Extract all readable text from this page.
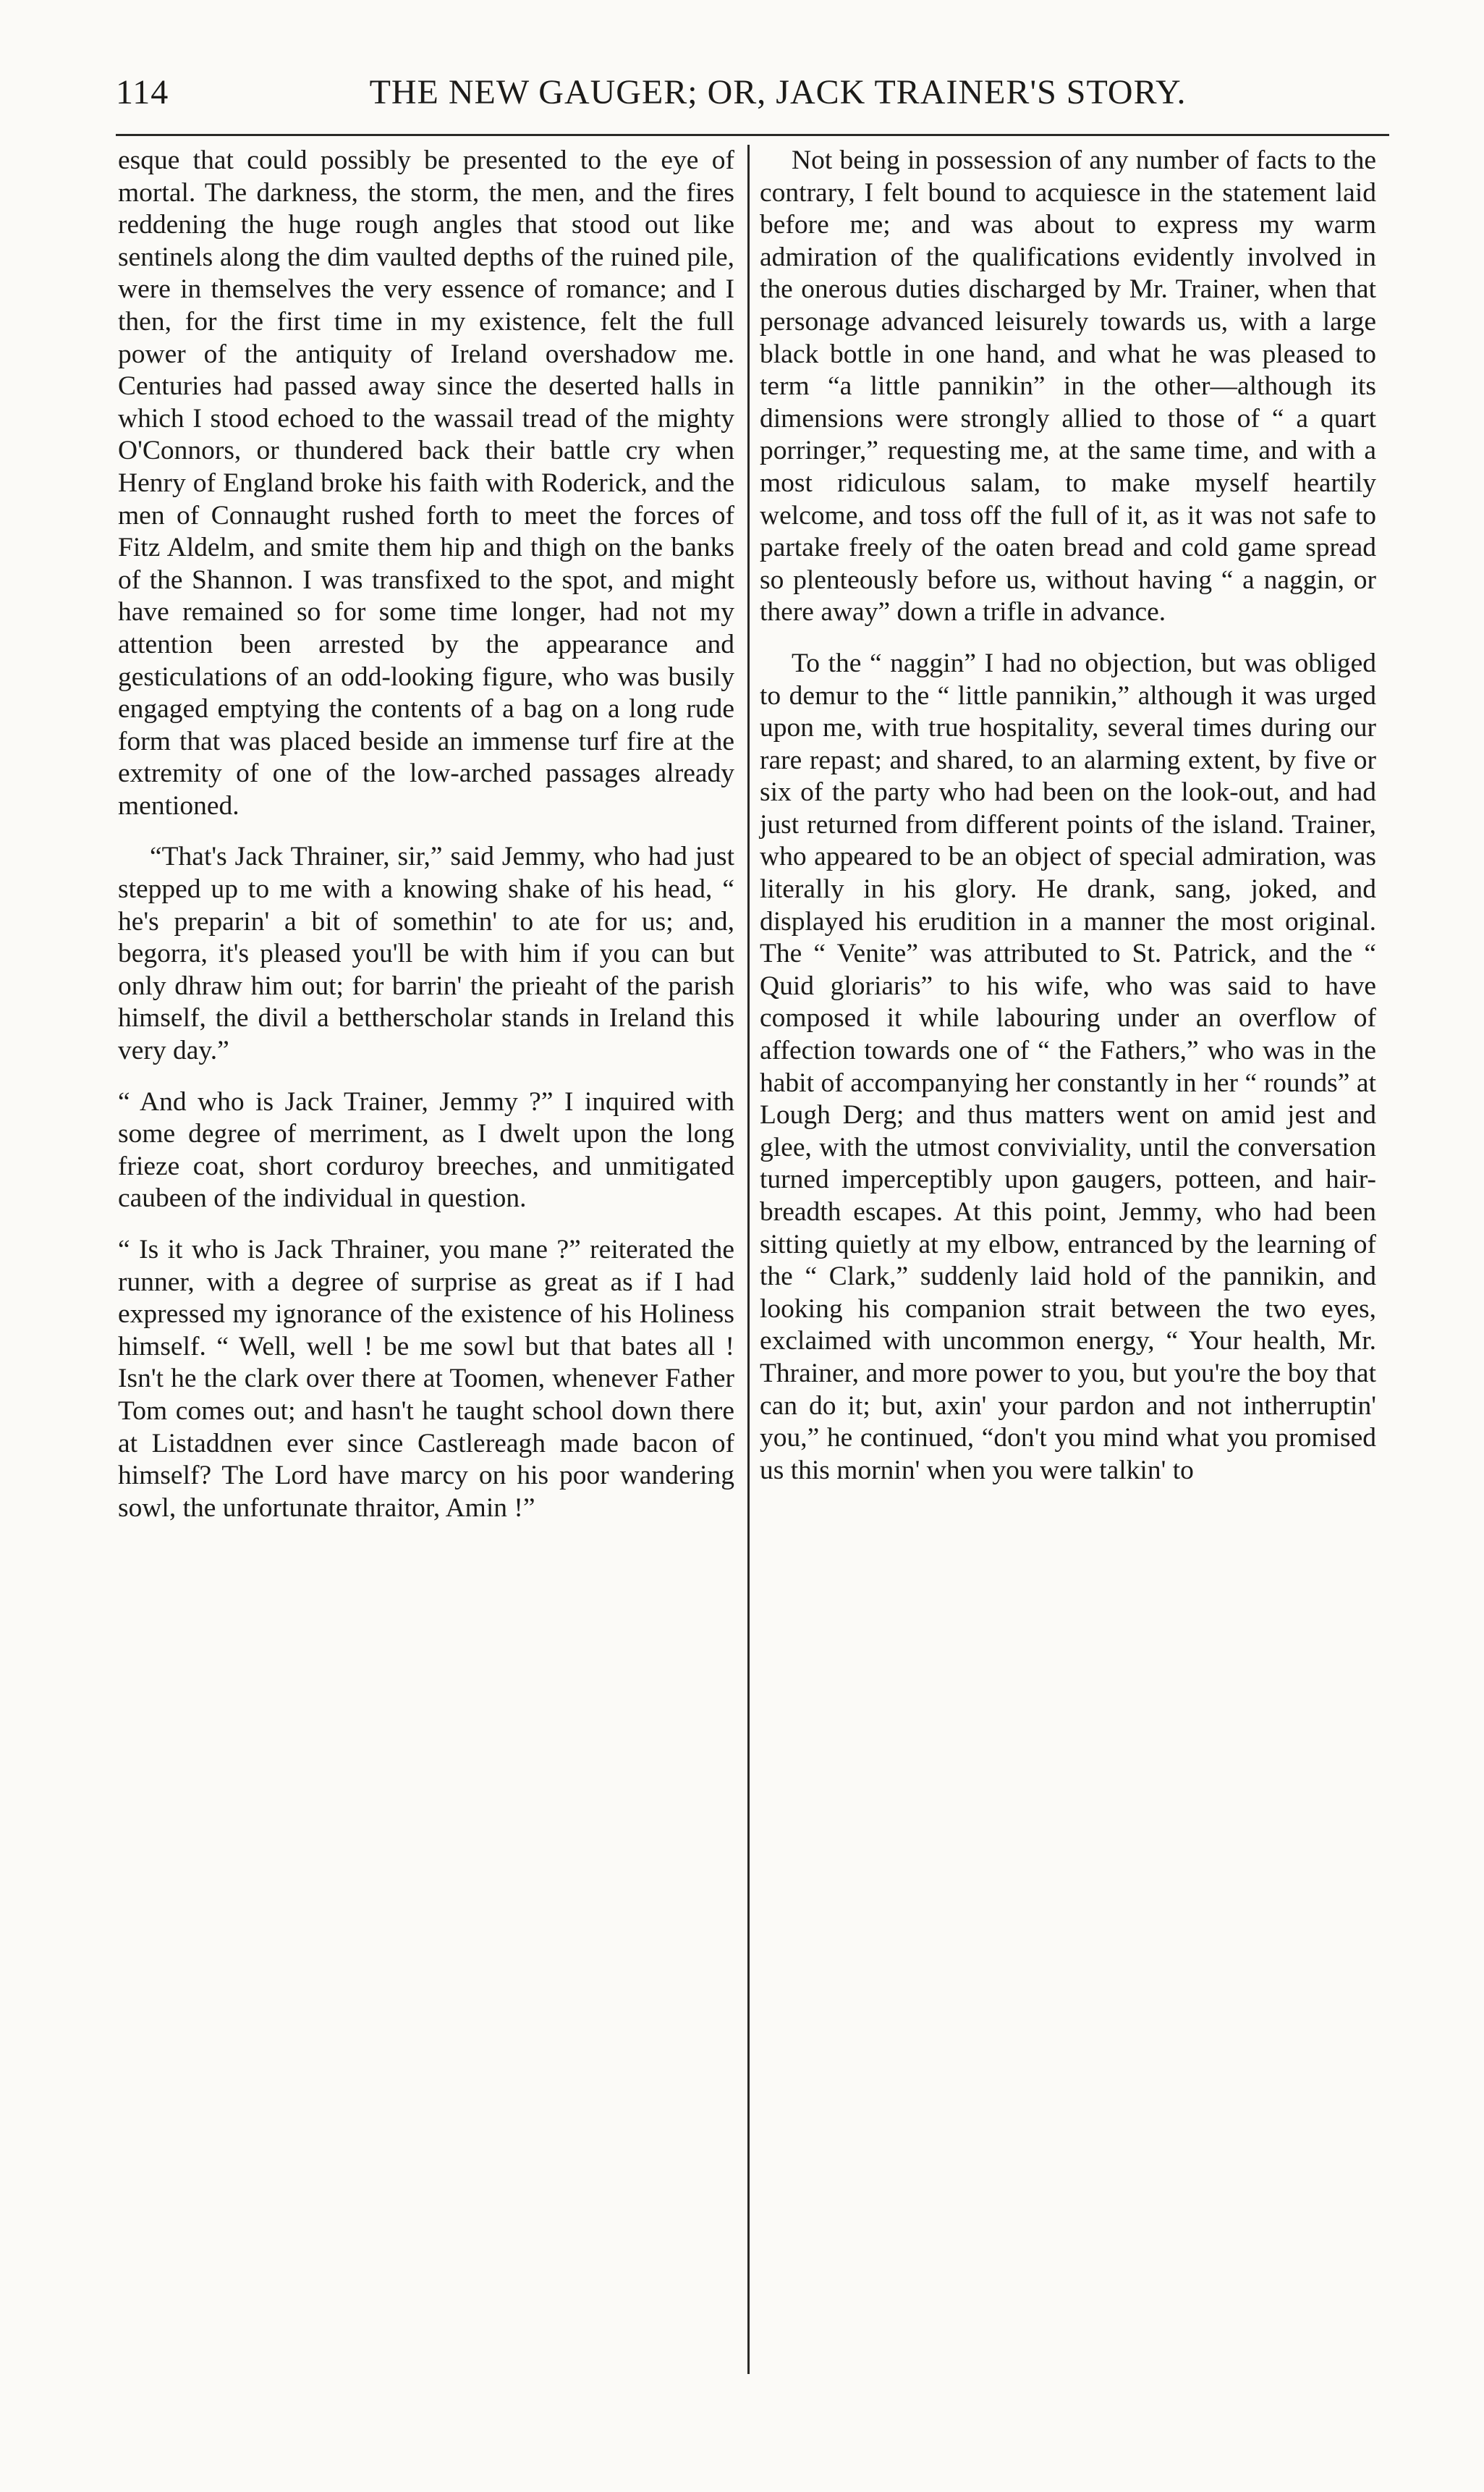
114	THE NEW GAUGER; OR, JACK TRAINER'S STORY.

esque that could possibly be presented to the eye of mortal. The darkness, the storm, the men, and the fires reddening the huge rough angles that stood out like sentinels along the dim vaulted depths of the ruined pile, were in themselves the very essence of romance; and I then, for the first time in my existence, felt the full power of the antiquity of Ireland overshadow me. Centuries had passed away since the deserted halls in which I stood echoed to the wassail tread of the mighty O'Connors, or thundered back their battle cry when Henry of England broke his faith with Roderick, and the men of Connaught rushed forth to meet the forces of Fitz Aldelm, and smite them hip and thigh on the banks of the Shannon. I was transfixed to the spot, and might have remained so for some time longer, had not my attention been arrested by the appearance and gesticulations of an odd-looking figure, who was busily engaged emptying the contents of a bag on a long rude form that was placed beside an immense turf fire at the extremity of one of the low-arched passages already mentioned.

“That's Jack Thrainer, sir,” said Jemmy, who had just stepped up to me with a knowing shake of his head, “ he's preparin' a bit of somethin' to ate for us; and, begorra, it's pleased you'll be with him if you can but only dhraw him out; for barrin' the prieaht of the parish himself, the divil a bettherscholar stands in Ireland this very day.”

“ And who is Jack Trainer, Jemmy ?” I inquired with some degree of merriment, as I dwelt upon the long frieze coat, short corduroy breeches, and unmitigated caubeen of the individual in question.

“ Is it who is Jack Thrainer, you mane ?” reiterated the runner, with a degree of surprise as great as if I had expressed my ignorance of the existence of his Holiness himself. “ Well, well ! be me sowl but that bates all ! Isn't he the clark over there at Toomen, whenever Father Tom comes out; and hasn't he taught school down there at Listaddnen ever since Castlereagh made bacon of himself? The Lord have marcy on his poor wandering sowl, the unfortunate thraitor, Amin !”

Not being in possession of any number of facts to the contrary, I felt bound to acquiesce in the statement laid before me; and was about to express my warm admiration of the qualifications evidently involved in the onerous duties discharged by Mr. Trainer, when that personage advanced leisurely towards us, with a large black bottle in one hand, and what he was pleased to term “a little pannikin” in the other—although its dimensions were strongly allied to those of “ a quart porringer,” requesting me, at the same time, and with a most ridiculous salam, to make myself heartily welcome, and toss off the full of it, as it was not safe to partake freely of the oaten bread and cold game spread so plenteously before us, without having “ a naggin, or there away” down a trifle in advance.

To the “ naggin” I had no objection, but was obliged to demur to the “ little pannikin,” although it was urged upon me, with true hospitality, several times during our rare repast; and shared, to an alarming extent, by five or six of the party who had been on the look-out, and had just returned from different points of the island. Trainer, who appeared to be an object of special admiration, was literally in his glory. He drank, sang, joked, and displayed his erudition in a manner the most original. The “ Venite” was attributed to St. Patrick, and the “ Quid gloriaris” to his wife, who was said to have composed it while labouring under an overflow of affection towards one of “ the Fathers,” who was in the habit of accompanying her constantly in her “ rounds” at Lough Derg; and thus matters went on amid jest and glee, with the utmost conviviality, until the conversation turned imperceptibly upon gaugers, potteen, and hair-breadth escapes. At this point, Jemmy, who had been sitting quietly at my elbow, entranced by the learning of the “ Clark,” suddenly laid hold of the pannikin, and looking his companion strait between the two eyes, exclaimed with uncommon energy, “ Your health, Mr. Thrainer, and more power to you, but you're the boy that can do it; but, axin' your pardon and not intherruptin' you,” he continued, “don't you mind what you promised us this mornin' when you were talkin' to
